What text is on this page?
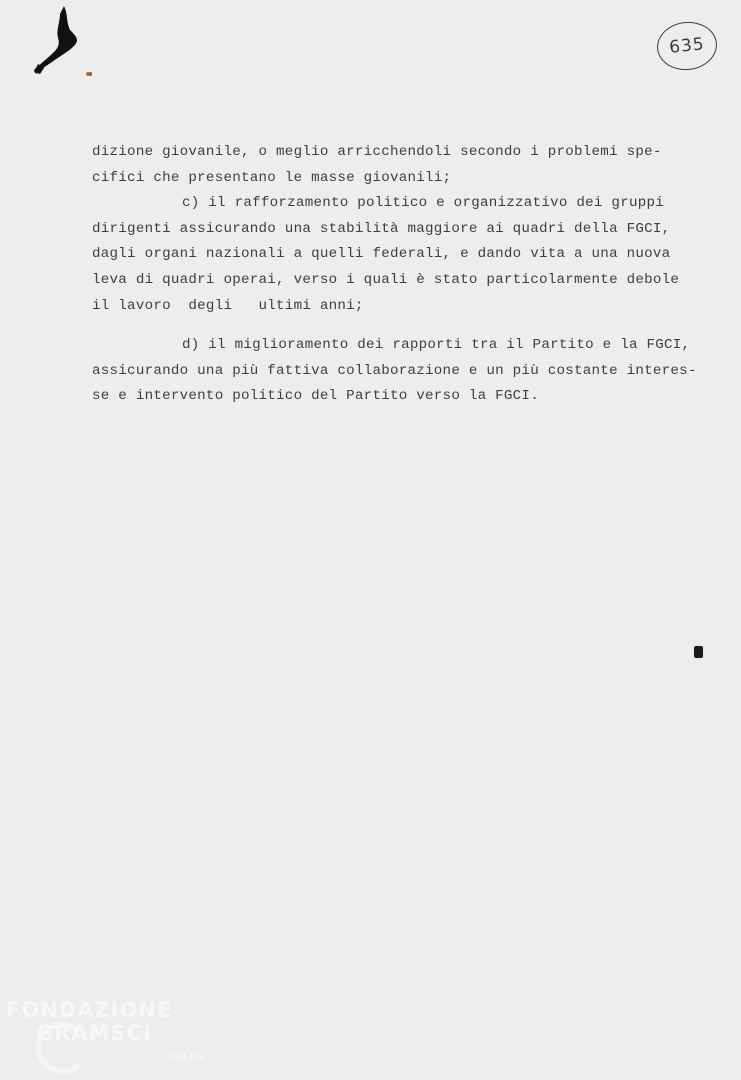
635
dizione giovanile, o meglio arricchendoli secondo i problemi spe-
cifici che presentano le masse giovanili;
c) il rafforzamento politico e organizzativo dei gruppi
dirigenti assicurando una stabilità maggiore ai quadri della FGCI,
dagli organi nazionali a quelli federali, e dando vita a una nuova
leva di quadri operai, verso i quali è stato particolarmente debole
il lavoro  degli   ultimi anni;
d) il miglioramento dei rapporti tra il Partito e la FGCI,
assicurando una più fattiva collaborazione e un più costante interes-
se e intervento politico del Partito verso la FGCI.
FONDAZIONE
GRAMSCI
ONLUS
